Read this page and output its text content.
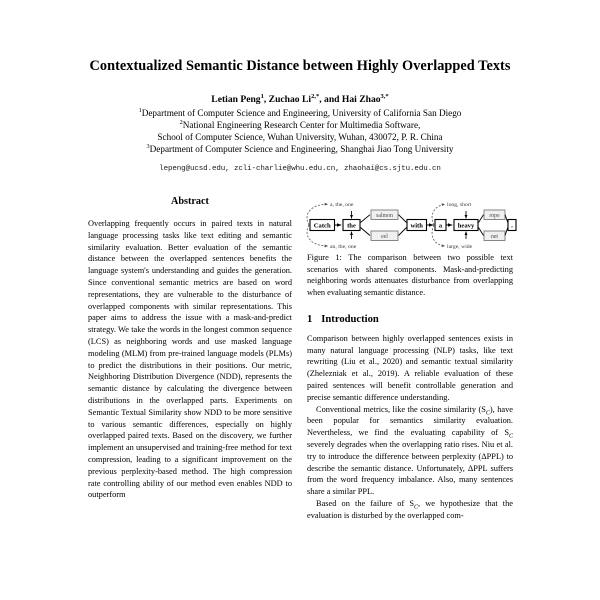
Contextualized Semantic Distance between Highly Overlapped Texts
Letian Peng$^1$, Zuchao $Li^{2,*}$, and Hai Zhao$^{3,*}$
$^1$Department of Computer Science and Engineering, University of California San Diego
$^2$National Engineering Research Center for Multimedia Software,
School of Computer Science, Wuhan University, Wuhan, 430072, P. R. China
$^3$Department of Computer Science and Engineering, Shanghai Jiao Tong University
lepeng@ucsd.edu, zcli-charlie@whu.edu.cn, zhaohai@cs.sjtu.edu.cn
Abstract

Overlapping frequently occurs in paired texts in natural language processing tasks like text editing and semantic similarity evaluation. Better evaluation of the semantic distance between the overlapped sentences benefits the language system's understanding and guides the generation. Since conventional semantic metrics are based on word representations, they are vulnerable to the disturbance of overlapped components with similar representations. This paper aims to address the issue with a mask-and-predict strategy. We take the words in the longest common sequence (LCS) as neighboring words and use masked language modeling (MLM) from pre-trained language models (PLMs) to predict the distributions in their positions. Our metric, Neighboring Distribution Divergence (NDD), represents the semantic distance by calculating the divergence between distributions in the overlapped parts. Experiments on Semantic Textual Similarity show NDD to be more sensitive to various semantic differences, especially on highly overlapped paired texts. Based on the discovery, we further implement an unsupervised and training-free method for text compression, leading to a significant improvement on the previous perplexity-based method. The high compression rate controlling ability of our method even enables NDD to outperform

Figure 1: The comparison between two possible text scenarios with shared components. Mask-and-predicting neighboring words attenuates disturbance from overlapping when evaluating semantic distance.

1 Introduction

Comparison between highly overlapped sentences exists in many natural language processing (NLP) tasks, like text rewriting (Liu et al., 2020) and semantic textual similarity (Zhelezniak et al., 2019). A reliable evaluation of these paired sentences will benefit controllable generation and precise semantic difference understanding.

Conventional metrics, like the cosine similarity $(S_C)$, have been popular for semantics similarity evaluation. Nevertheless, we find the evaluating capability of $S_C$ severely degrades when the overlapping ratio rises. Niu et al. try to introduce the difference between perplexity (ΔPPL) to describe the semantic distance. Unfortunately, ΔPPL suffers from the word frequency imbalance. Also, many sentences share a similar PPL.

Based on the failure of $S_C$, we hypothesize that the evaluation is disturbed by the overlapped com-

Catch the
salmon
eel
with a heavy
rope
net
.
a, the, one
an, the, one
long, short
large, wide
